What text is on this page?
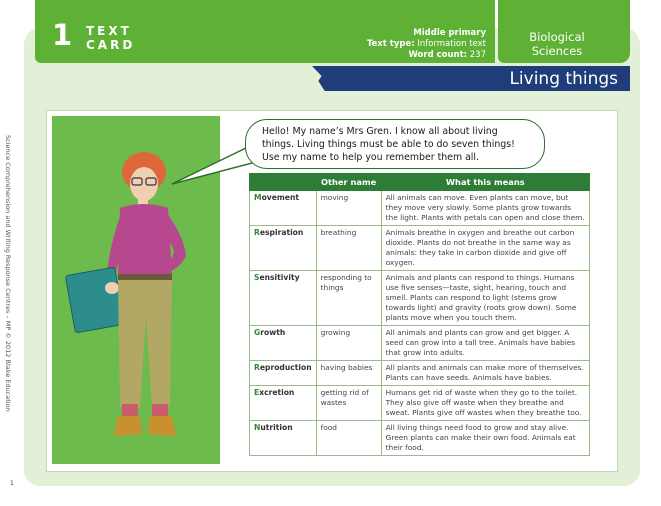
1 TEXT
CARD
Middle primary
Text type: Information text
Word count: 237
Biological
Sciences
Living things
Science Comprehension and Writing Response Centres – MP © 2012 Blake Education
1
Hello! My name’s Mrs Gren. I know all about living things. Living things must be able to do seven things! Use my name to help you remember them all.
	Other name	What this means
Movement	moving	All animals can move. Even plants can move, but they move very slowly. Some plants grow towards the light. Plants with petals can open and close them.
Respiration	breathing	Animals breathe in oxygen and breathe out carbon dioxide. Plants do not breathe in the same way as animals: they take in carbon dioxide and give off oxygen.
Sensitivity	responding to things	Animals and plants can respond to things. Humans use five senses—taste, sight, hearing, touch and smell. Plants can respond to light (stems grow towards light) and gravity (roots grow down). Some plants move when you touch them.
Growth	growing	All animals and plants can grow and get bigger. A seed can grow into a tall tree. Animals have babies that grow into adults.
Reproduction	having babies	All plants and animals can make more of themselves. Plants can have seeds. Animals have babies.
Excretion	getting rid of wastes	Humans get rid of waste when they go to the toilet. They also give off waste when they breathe and sweat. Plants give off wastes when they breathe too.
Nutrition	food	All living things need food to grow and stay alive. Green plants can make their own food. Animals eat their food.
